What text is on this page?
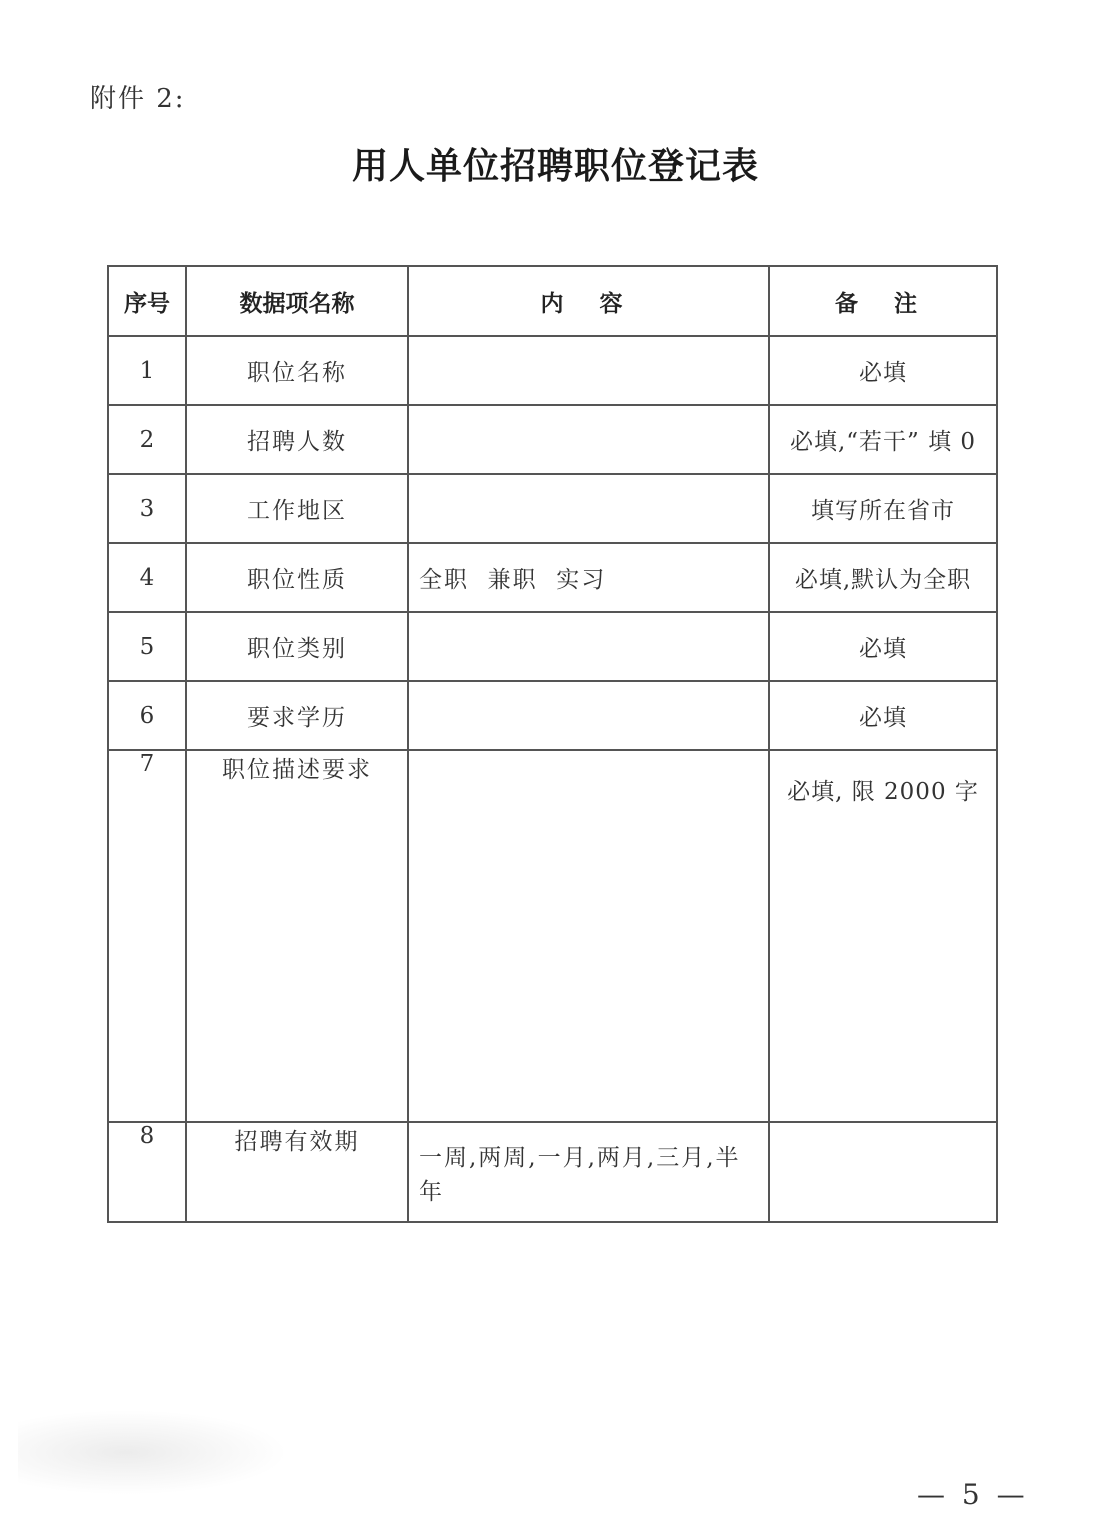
附件 2:
用人单位招聘职位登记表
序号	数据项名称	内 容	备 注
1	职位名称		必填
2	招聘人数		必填,“若干” 填 0
3	工作地区		填写所在省市
4	职位性质	全职  兼职  实习	必填,默认为全职
5	职位类别		必填
6	要求学历		必填
7	职位描述要求		必填, 限 2000 字
8	招聘有效期	一周,两周,一月,两月,三月,半年	
— 5 —
